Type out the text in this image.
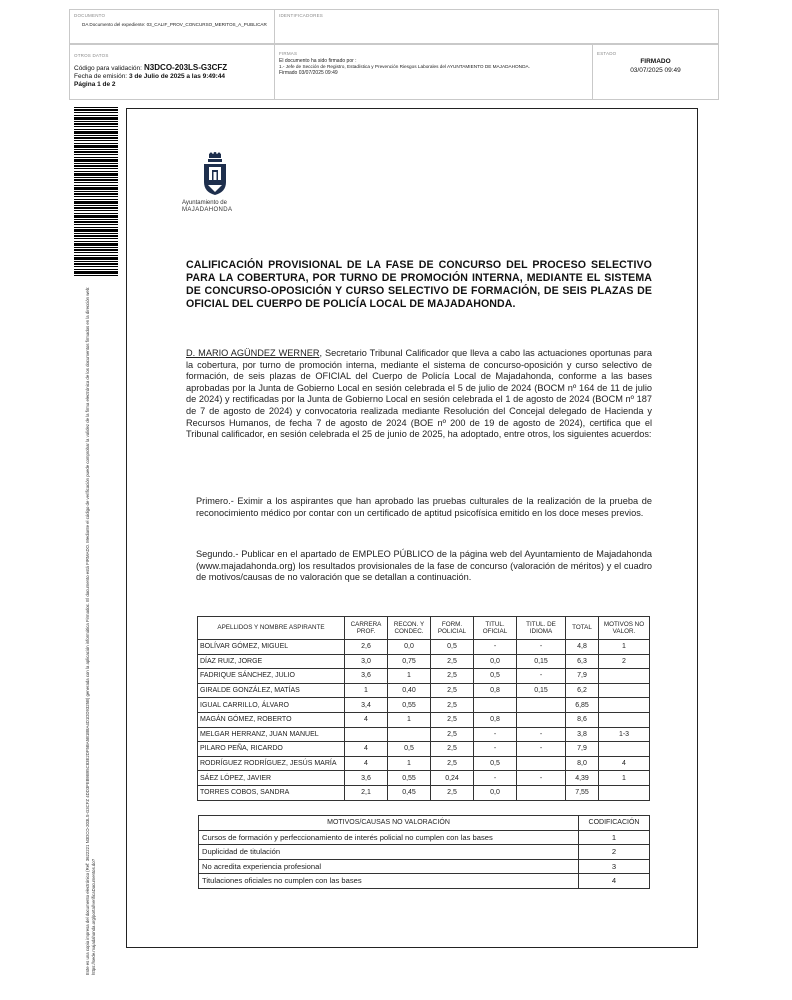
DOCUMENTO
DA Documento del expediente: 03_CALIF_PROV_CONCURSO_MERITOS_A_PUBLICAR
IDENTIFICADORES
OTROS DATOS
Código para validación: N3DCO-203LS-G3CFZ
Fecha de emisión: 3 de Julio de 2025 a las 9:49:44
Página 1 de 2
FIRMAS
El documento ha sido firmado por :
1.- Jefe de Sección de Registro, Estadística y Prevención Riesgos Laborales del AYUNTAMIENTO DE MAJADAHONDA.
Firmado 03/07/2025 09:49
ESTADO
FIRMADO
03/07/2025 09:49
Este es una copia impresa del documento electrónico (Ref: 3622221 N3DCO-203LS-G3CFZ 4DD3FEB9B95C83E2DF5BA5B1B8A4D1DD9325B) generada con la aplicación informática Firmadoc. El documento está FIRMADO. Mediante el código de verificación puede comprobar la validez de la firma electrónica de los documentos firmados en la dirección web: https://sede.majadahonda.org/portal/verificaDocumentos.do?
Ayuntamiento de
MAJADAHONDA
CALIFICACIÓN PROVISIONAL DE LA FASE DE CONCURSO DEL PROCESO SELECTIVO PARA LA COBERTURA, POR TURNO DE PROMOCIÓN INTERNA, MEDIANTE EL SISTEMA DE CONCURSO-OPOSICIÓN Y CURSO SELECTIVO DE FORMACIÓN, DE SEIS PLAZAS DE OFICIAL DEL CUERPO DE POLICÍA LOCAL DE MAJADAHONDA.
D. MARIO AGÜNDEZ WERNER, Secretario Tribunal Calificador que lleva a cabo las actuaciones oportunas para la cobertura, por turno de promoción interna, mediante el sistema de concurso-oposición y curso selectivo de formación, de seis plazas de OFICIAL del Cuerpo de Policía Local de Majadahonda, conforme a las bases aprobadas por la Junta de Gobierno Local en sesión celebrada el 5 de julio de 2024 (BOCM nº 164 de 11 de julio de 2024) y rectificadas por la Junta de Gobierno Local en sesión celebrada el 1 de agosto de 2024 (BOCM nº 187 de 7 de agosto de 2024) y convocatoria realizada mediante Resolución del Concejal delegado de Hacienda y Recursos Humanos, de fecha 7 de agosto de 2024 (BOE nº 200 de 19 de agosto de 2024), certifica que el Tribunal calificador, en sesión celebrada el 25 de junio de 2025, ha adoptado, entre otros, los siguientes acuerdos:
Primero.- Eximir a los aspirantes que han aprobado las pruebas culturales de la realización de la prueba de reconocimiento médico por contar con un certificado de aptitud psicofísica emitido en los doce meses previos.
Segundo.- Publicar en el apartado de EMPLEO PÚBLICO de la página web del Ayuntamiento de Majadahonda (www.majadahonda.org) los resultados provisionales de la fase de concurso (valoración de méritos) y el cuadro de motivos/causas de no valoración que se detallan a continuación.
APELLIDOS Y NOMBRE ASPIRANTE	CARRERA PROF.	RECON. Y CONDEC.	FORM. POLICIAL	TITUL. OFICIAL	TITUL. DE IDIOMA	TOTAL	MOTIVOS NO VALOR.
BOLÍVAR GÓMEZ, MIGUEL	2,6	0,0	0,5	-	-	4,8	1
DÍAZ RUIZ, JORGE	3,0	0,75	2,5	0,0	0,15	6,3	2
FADRIQUE SÁNCHEZ, JULIO	3,6	1	2,5	0,5	-	7,9	
GIRALDE GONZÁLEZ, MATÍAS	1	0,40	2,5	0,8	0,15	6,2	
IGUAL CARRILLO, ÁLVARO	3,4	0,55	2,5			6,85	
MAGÁN GÓMEZ, ROBERTO	4	1	2,5	0,8		8,6	
MELGAR HERRANZ, JUAN MANUEL			2,5	-	-	3,8	1-3
PILARO PEÑA, RICARDO	4	0,5	2,5	-	-	7,9	
RODRÍGUEZ RODRÍGUEZ, JESÚS MARÍA	4	1	2,5	0,5		8,0	4
SÁEZ LÓPEZ, JAVIER	3,6	0,55	0,24	-	-	4,39	1
TORRES COBOS, SANDRA	2,1	0,45	2,5	0,0		7,55	
MOTIVOS/CAUSAS NO VALORACIÓN	CODIFICACIÓN
Cursos de formación y perfeccionamiento de interés policial no cumplen con las bases	1
Duplicidad de titulación	2
No acredita experiencia profesional	3
Titulaciones oficiales no cumplen con las bases	4
